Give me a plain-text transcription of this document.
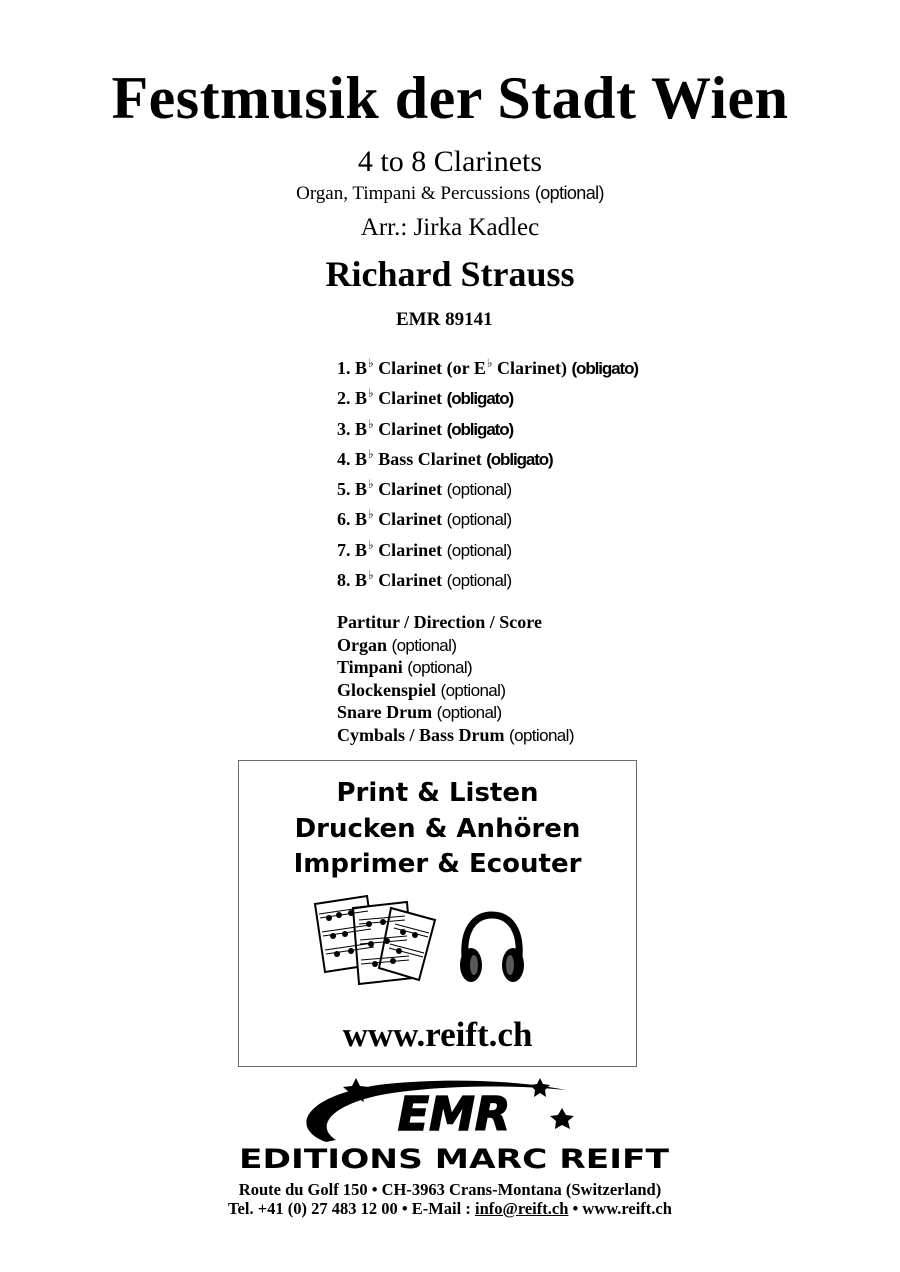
Festmusik der Stadt Wien
4 to 8 Clarinets
Organ, Timpani & Percussions (optional)
Arr.: Jirka Kadlec
Richard Strauss
EMR 89141
1. B♭ Clarinet (or E♭ Clarinet) (obligato)
2. B♭ Clarinet (obligato)
3. B♭ Clarinet (obligato)
4. B♭ Bass Clarinet (obligato)
5. B♭ Clarinet (optional)
6. B♭ Clarinet (optional)
7. B♭ Clarinet (optional)
8. B♭ Clarinet (optional)
Partitur / Direction / Score
Organ (optional)
Timpani (optional)
Glockenspiel (optional)
Snare Drum (optional)
Cymbals / Bass Drum (optional)
Print & Listen
Drucken & Anhören
Imprimer & Ecouter
www.reift.ch
EMR
EDITIONS MARC REIFT
Route du Golf 150 • CH-3963 Crans-Montana (Switzerland)
Tel. +41 (0) 27 483 12 00 • E-Mail : info@reift.ch • www.reift.ch
